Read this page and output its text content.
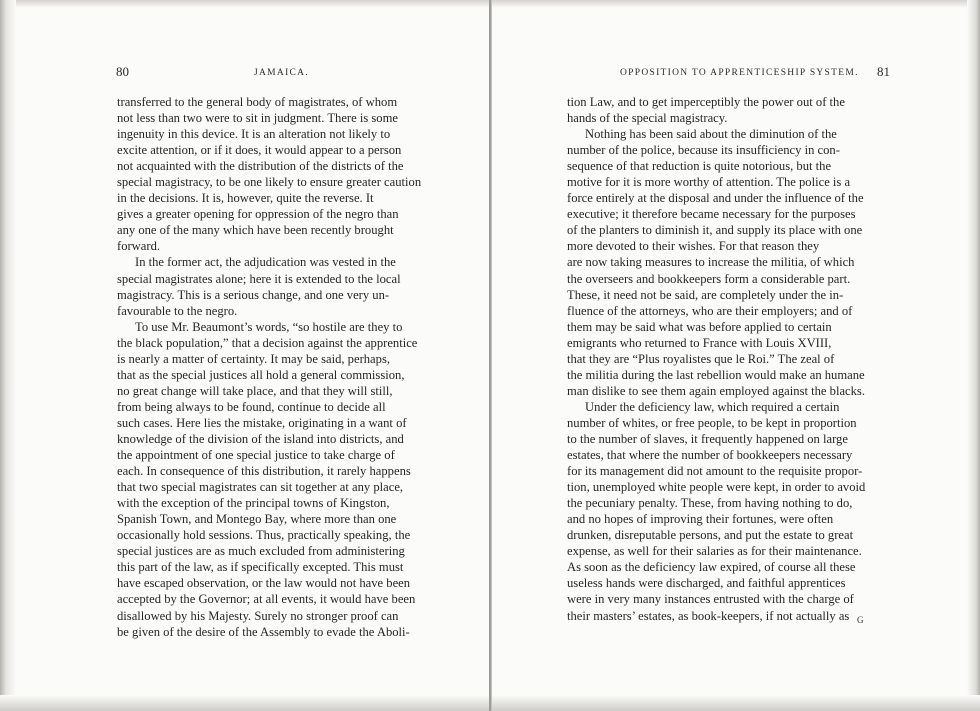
80	JAMAICA.
transferred to the general body of magistrates, of whom
not less than two were to sit in judgment. There is some
ingenuity in this device. It is an alteration not likely to
excite attention, or if it does, it would appear to a person
not acquainted with the distribution of the districts of the
special magistracy, to be one likely to ensure greater caution
in the decisions. It is, however, quite the reverse. It
gives a greater opening for oppression of the negro than
any one of the many which have been recently brought
forward.
In the former act, the adjudication was vested in the
special magistrates alone; here it is extended to the local
magistracy. This is a serious change, and one very un-
favourable to the negro.
To use Mr. Beaumont’s words, “so hostile are they to
the black population,” that a decision against the apprentice
is nearly a matter of certainty. It may be said, perhaps,
that as the special justices all hold a general commission,
no great change will take place, and that they will still,
from being always to be found, continue to decide all
such cases. Here lies the mistake, originating in a want of
knowledge of the division of the island into districts, and
the appointment of one special justice to take charge of
each. In consequence of this distribution, it rarely happens
that two special magistrates can sit together at any place,
with the exception of the principal towns of Kingston,
Spanish Town, and Montego Bay, where more than one
occasionally hold sessions. Thus, practically speaking, the
special justices are as much excluded from administering
this part of the law, as if specifically excepted. This must
have escaped observation, or the law would not have been
accepted by the Governor; at all events, it would have been
disallowed by his Majesty. Surely no stronger proof can
be given of the desire of the Assembly to evade the Aboli-
OPPOSITION TO APPRENTICESHIP SYSTEM. 81
tion Law, and to get imperceptibly the power out of the
hands of the special magistracy.
Nothing has been said about the diminution of the
number of the police, because its insufficiency in con-
sequence of that reduction is quite notorious, but the
motive for it is more worthy of attention. The police is a
force entirely at the disposal and under the influence of the
executive; it therefore became necessary for the purposes
of the planters to diminish it, and supply its place with one
more devoted to their wishes. For that reason they
are now taking measures to increase the militia, of which
the overseers and bookkeepers form a considerable part.
These, it need not be said, are completely under the in-
fluence of the attorneys, who are their employers; and of
them may be said what was before applied to certain
emigrants who returned to France with Louis XVIII,
that they are “Plus royalistes que le Roi.” The zeal of
the militia during the last rebellion would make an humane
man dislike to see them again employed against the blacks.
Under the deficiency law, which required a certain
number of whites, or free people, to be kept in proportion
to the number of slaves, it frequently happened on large
estates, that where the number of bookkeepers necessary
for its management did not amount to the requisite propor-
tion, unemployed white people were kept, in order to avoid
the pecuniary penalty. These, from having nothing to do,
and no hopes of improving their fortunes, were often
drunken, disreputable persons, and put the estate to great
expense, as well for their salaries as for their maintenance.
As soon as the deficiency law expired, of course all these
useless hands were discharged, and faithful apprentices
were in very many instances entrusted with the charge of
their masters’ estates, as book-keepers, if not actually as G
